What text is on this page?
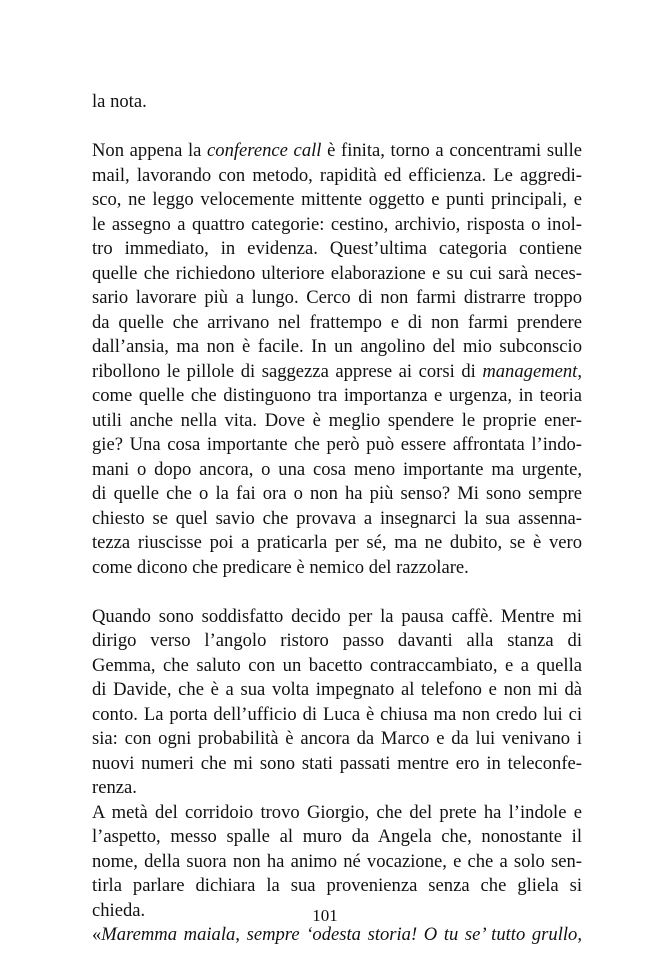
la nota.

Non appena la conference call è finita, torno a concentrami sulle
mail, lavorando con metodo, rapidità ed efficienza. Le aggredi-
sco, ne leggo velocemente mittente oggetto e punti principali, e
le assegno a quattro categorie: cestino, archivio, risposta o inol-
tro immediato, in evidenza. Quest’ultima categoria contiene
quelle che richiedono ulteriore elaborazione e su cui sarà neces-
sario lavorare più a lungo. Cerco di non farmi distrarre troppo
da quelle che arrivano nel frattempo e di non farmi prendere
dall’ansia, ma non è facile. In un angolino del mio subconscio
ribollono le pillole di saggezza apprese ai corsi di management,
come quelle che distinguono tra importanza e urgenza, in teoria
utili anche nella vita. Dove è meglio spendere le proprie ener-
gie? Una cosa importante che però può essere affrontata l’indo-
mani o dopo ancora, o una cosa meno importante ma urgente,
di quelle che o la fai ora o non ha più senso? Mi sono sempre
chiesto se quel savio che provava a insegnarci la sua assenna-
tezza riuscisse poi a praticarla per sé, ma ne dubito, se è vero
come dicono che predicare è nemico del razzolare.

Quando sono soddisfatto decido per la pausa caffè. Mentre mi
dirigo verso l’angolo ristoro passo davanti alla stanza di
Gemma, che saluto con un bacetto contraccambiato, e a quella
di Davide, che è a sua volta impegnato al telefono e non mi dà
conto. La porta dell’ufficio di Luca è chiusa ma non credo lui ci
sia: con ogni probabilità è ancora da Marco e da lui venivano i
nuovi numeri che mi sono stati passati mentre ero in teleconfe-
renza.

A metà del corridoio trovo Giorgio, che del prete ha l’indole e
l’aspetto, messo spalle al muro da Angela che, nonostante il
nome, della suora non ha animo né vocazione, e che a solo sen-
tirla parlare dichiara la sua provenienza senza che gliela si
chieda.

«Maremma maiala, sempre ‘odesta storia! O tu se’ tutto grullo,

101
